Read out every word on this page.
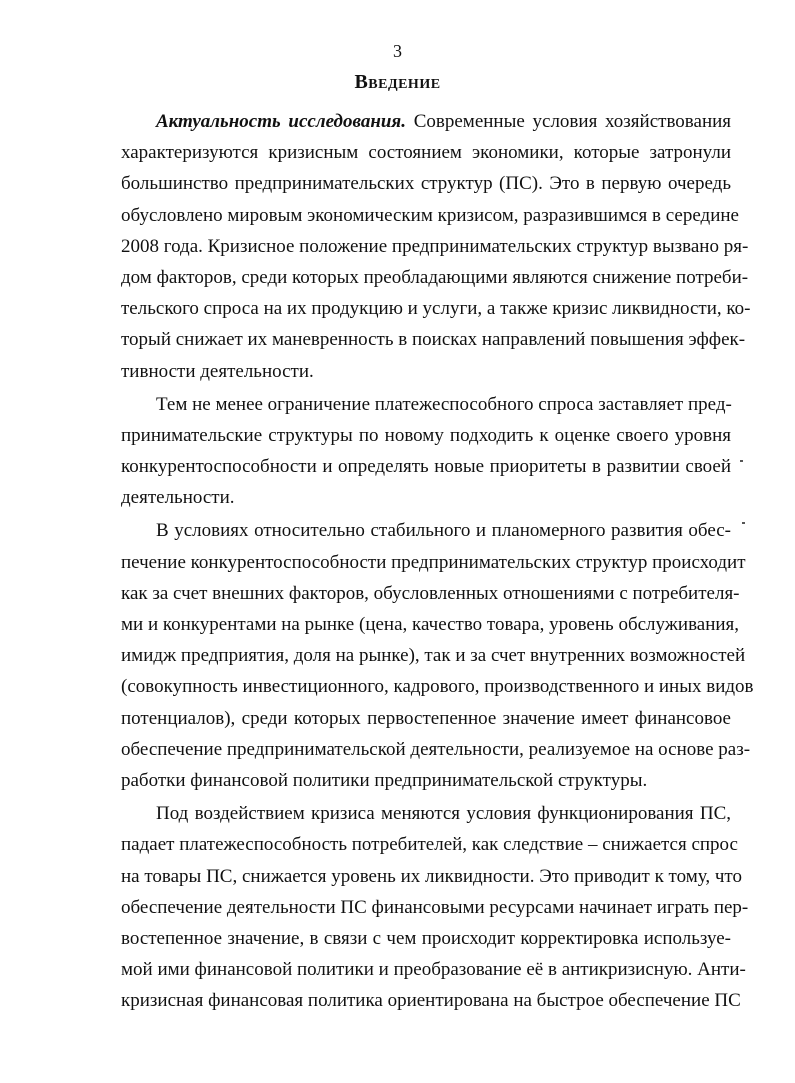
3
Введение
Актуальность исследования. Современные условия хозяйствования
характеризуются кризисным состоянием экономики, которые затронули
большинство предпринимательских структур (ПС). Это в первую очередь
обусловлено мировым экономическим кризисом, разразившимся в середине
2008 года. Кризисное положение предпринимательских структур вызвано ря-
дом факторов, среди которых преобладающими являются снижение потреби-
тельского спроса на их продукцию и услуги, а также кризис ликвидности, ко-
торый снижает их маневренность в поисках направлений повышения эффек-
тивности деятельности.
Тем не менее ограничение платежеспособного спроса заставляет пред-
принимательские структуры по новому подходить к оценке своего уровня
конкурентоспособности и определять новые приоритеты в развитии своей
деятельности.
В условиях относительно стабильного и планомерного развития обес-
печение конкурентоспособности предпринимательских структур происходит
как за счет внешних факторов, обусловленных отношениями с потребителя-
ми и конкурентами на рынке (цена, качество товара, уровень обслуживания,
имидж предприятия, доля на рынке), так и за счет внутренних возможностей
(совокупность инвестиционного, кадрового, производственного и иных видов
потенциалов), среди которых первостепенное значение имеет финансовое
обеспечение предпринимательской деятельности, реализуемое на основе раз-
работки финансовой политики предпринимательской структуры.
Под воздействием кризиса меняются условия функционирования ПС,
падает платежеспособность потребителей, как следствие – снижается спрос
на товары ПС, снижается уровень их ликвидности. Это приводит к тому, что
обеспечение деятельности ПС финансовыми ресурсами начинает играть пер-
востепенное значение, в связи с чем происходит корректировка используе-
мой ими финансовой политики и преобразование её в антикризисную. Анти-
кризисная финансовая политика ориентирована на быстрое обеспечение ПС
